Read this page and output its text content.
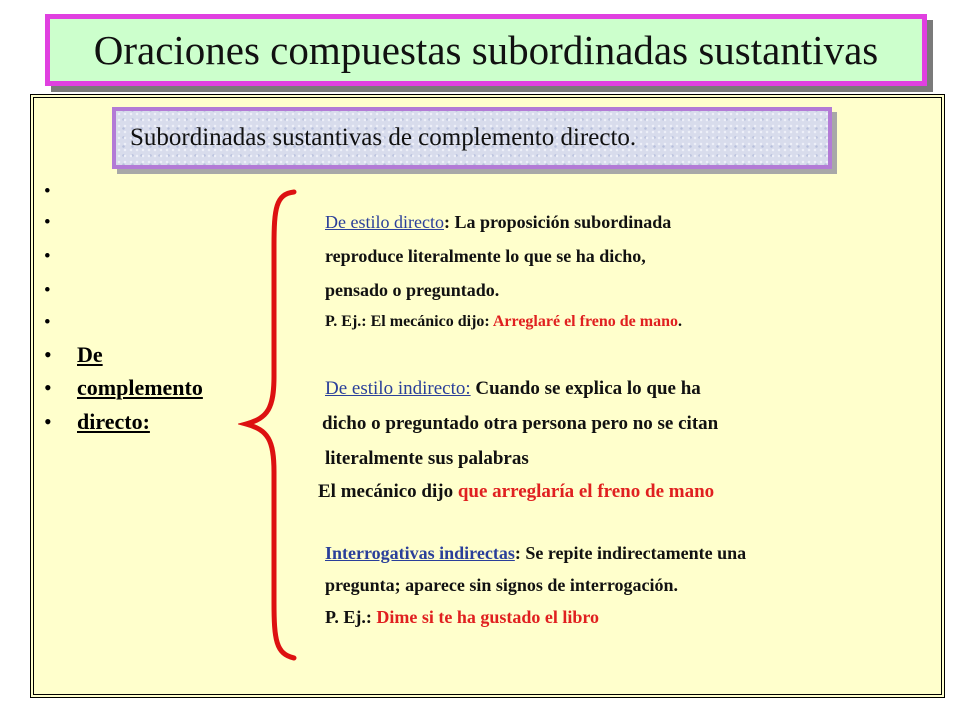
Oraciones compuestas subordinadas sustantivas
Subordinadas sustantivas de complemento directo.
•
•
•
•
•
•
•
•
De
complemento
directo:
De estilo directo: La proposición subordinada
reproduce literalmente lo que se ha dicho,
pensado o preguntado.
P. Ej.: El mecánico dijo: Arreglaré el freno de mano.
De estilo indirecto: Cuando se explica lo que ha
dicho o preguntado otra persona pero no se citan
literalmente sus palabras
El mecánico dijo que arreglaría el freno de mano
Interrogativas indirectas: Se repite indirectamente una
pregunta; aparece sin signos de interrogación.
P. Ej.: Dime si te ha gustado el libro
